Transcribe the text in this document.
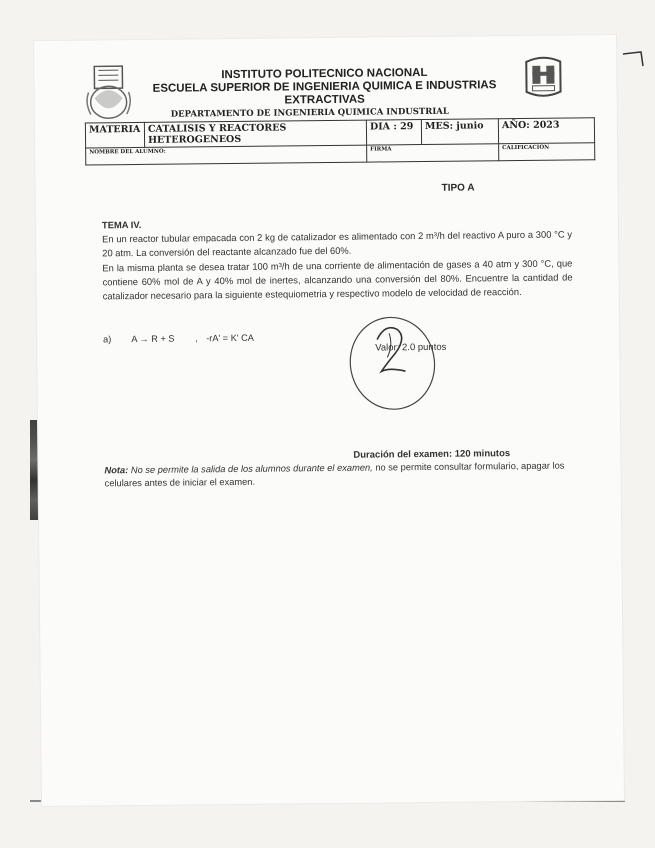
INSTITUTO POLITECNICO NACIONAL
ESCUELA SUPERIOR DE INGENIERIA QUIMICA E INDUSTRIAS
EXTRACTIVAS
DEPARTAMENTO DE INGENIERIA QUIMICA INDUSTRIAL
MATERIA	CATALISIS Y REACTORES HETEROGENEOS	DIA : 29	MES: junio	AÑO: 2023
NOMBRE DEL ALUMNO:		FIRMA		CALIFICACION
TIPO A
TEMA IV.
En un reactor tubular empacada con 2 kg de catalizador es alimentado con 2 m³/h del reactivo A puro a 300 °C y 20 atm. La conversión del reactante alcanzado fue del 60%.
En la misma planta se desea tratar 100 m³/h de una corriente de alimentación de gases a 40 atm y 300 °C, que contiene 60% mol de A y 40% mol de inertes, alcanzando una conversión del 80%. Encuentre la cantidad de catalizador necesario para la siguiente estequiometria y respectivo modelo de velocidad de reacción.
a) A → R + S , -rA' = K' CA
Valor: 2.0 puntos
Duración del examen: 120 minutos
Nota: No se permite la salida de los alumnos durante el examen, no se permite consultar formulario, apagar los celulares antes de iniciar el examen.
